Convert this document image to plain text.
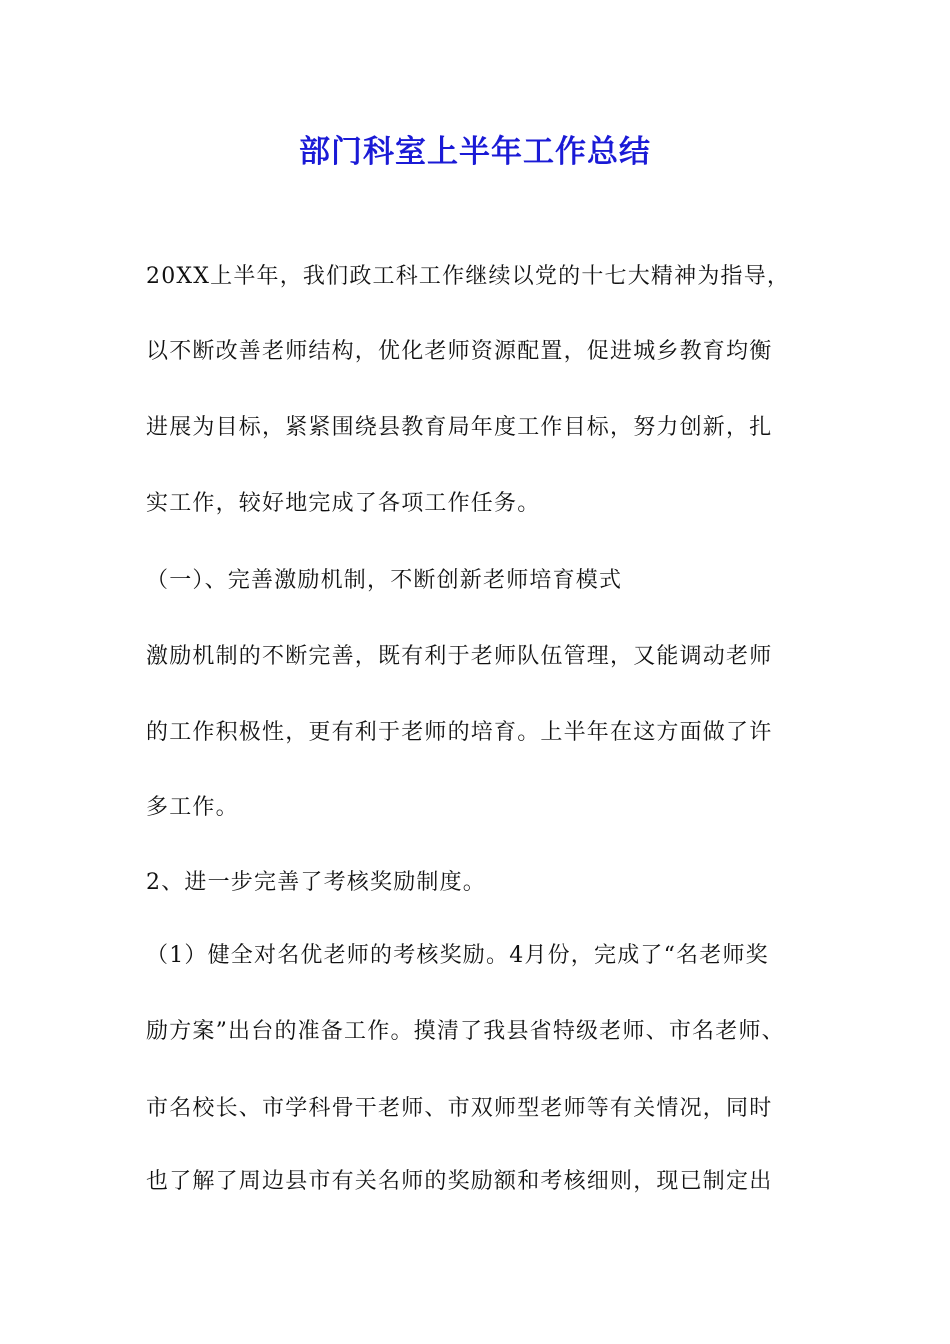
部门科室上半年工作总结

20XX上半年，我们政工科工作继续以党的十七大精神为指导，

以不断改善老师结构，优化老师资源配置，促进城乡教育均衡

进展为目标，紧紧围绕县教育局年度工作目标，努力创新，扎

实工作，较好地完成了各项工作任务。

（一）、完善激励机制，不断创新老师培育模式

激励机制的不断完善，既有利于老师队伍管理，又能调动老师

的工作积极性，更有利于老师的培育。上半年在这方面做了许

多工作。

2、进一步完善了考核奖励制度。

（1）健全对名优老师的考核奖励。4月份，完成了“名老师奖

励方案”出台的准备工作。摸清了我县省特级老师、市名老师、

市名校长、市学科骨干老师、市双师型老师等有关情况，同时

也了解了周边县市有关名师的奖励额和考核细则，现已制定出
